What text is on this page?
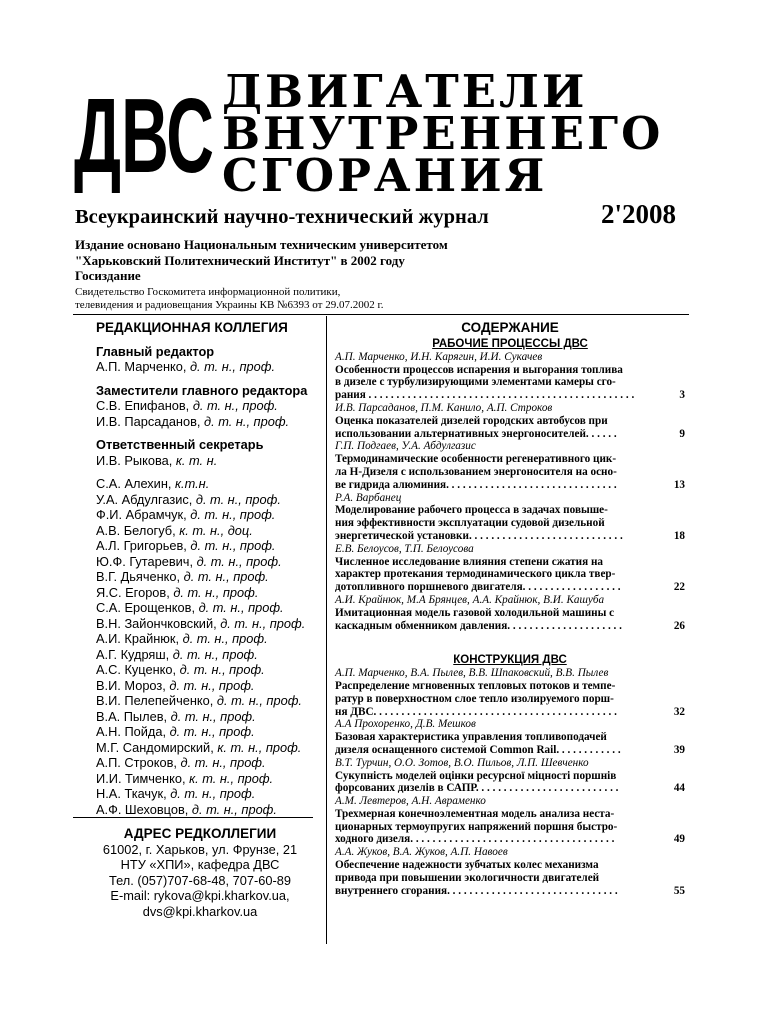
ДВС ДВИГАТЕЛИ
ВНУТРЕННЕГО
СГОРАНИЯ
Всеукраинский научно-технический журнал	2'2008
Издание основано Национальным техническим университетом
"Харьковский Политехнический Институт" в 2002 году
Госиздание
Свидетельство Госкомитета информационной политики,
телевидения и радиовещания Украины КВ №6393 от 29.07.2002 г.
РЕДАКЦИОННАЯ КОЛЛЕГИЯ
Главный редактор
А.П. Марченко, д. т. н., проф.
Заместители главного редактора
С.В. Епифанов, д. т. н., проф.
И.В. Парсаданов, д. т. н., проф.
Ответственный секретарь
И.В. Рыкова, к. т. н.
С.А. Алехин, к.т.н.
У.А. Абдулгазис, д. т. н., проф.
Ф.И. Абрамчук, д. т. н., проф.
А.В. Белогуб, к. т. н., доц.
А.Л. Григорьев, д. т. н., проф.
Ю.Ф. Гутаревич, д. т. н., проф.
В.Г. Дьяченко, д. т. н., проф.
Я.С. Егоров, д. т. н., проф.
С.А. Ерощенков, д. т. н., проф.
В.Н. Зайончковский, д. т. н., проф.
А.И. Крайнюк, д. т. н., проф.
А.Г. Кудряш, д. т. н., проф.
А.С. Куценко, д. т. н., проф.
В.И. Мороз, д. т. н., проф.
В.И. Пелепейченко, д. т. н., проф.
В.А. Пылев, д. т. н., проф.
А.Н. Пойда, д. т. н., проф.
М.Г. Сандомирский, к. т. н., проф.
А.П. Строков, д. т. н., проф.
И.И. Тимченко, к. т. н., проф.
Н.А. Ткачук, д. т. н., проф.
А.Ф. Шеховцов, д. т. н., проф.
АДРЕС РЕДКОЛЛЕГИИ
61002, г. Харьков, ул. Фрунзе, 21
НТУ «ХПИ», кафедра ДВС
Тел. (057)707-68-48, 707-60-89
E-mail: rykova@kpi.kharkov.ua,
dvs@kpi.kharkov.ua
СОДЕРЖАНИЕ
РАБОЧИЕ ПРОЦЕССЫ ДВС
А.П. Марченко, И.Н. Карягин, И.И. Сукачев
Особенности процессов испарения и выгорания топлива
в дизеле с турбулизирующими элементами камеры сго-
3
рания . . . . . . . . . . . . . . . . . . . . . . . . . . . . . . . . . . . . . . . . . . . . . . . .
И.В. Парсаданов, П.М. Канило, А.П. Строков
Оценка показателей дизелей городских автобусов при
9
использовании альтернативных энергоносителей. . . . . .
Г.П. Подгаев, У.А. Абдулгазис
Термодинамические особенности регенеративного цик-
ла Н-Дизеля с использованием энергоносителя на осно-
13
ве гидрида алюминия. . . . . . . . . . . . . . . . . . . . . . . . . . . . . . .
Р.А. Варбанец
Моделирование рабочего процесса в задачах повыше-
ния эффективности эксплуатации судовой дизельной
18
энергетической установки. . . . . . . . . . . . . . . . . . . . . . . . . . . .
Е.В. Белоусов, Т.П. Белоусова
Численное исследование влияния степени сжатия на
характер протекания термодинамического цикла твер-
22
дотопливного поршневого двигателя. . . . . . . . . . . . . . . . . .
А.И. Крайнюк, М.А Брянцев, А.А. Крайнюк, В.И. Кашуба
Имитационная модель газовой холодильной машины с
26
каскадным обменником давления. . . . . . . . . . . . . . . . . . . . .
КОНСТРУКЦИЯ ДВС
А.П. Марченко, В.А. Пылев, В.В. Шпаковский, В.В. Пылев
Распределение мгновенных тепловых потоков и темпе-
ратур в поверхностном слое тепло изолируемого порш-
32
ня ДВС. . . . . . . . . . . . . . . . . . . . . . . . . . . . . . . . . . . . . . . . . . . .
А.А Прохоренко, Д.В. Мешков
Базовая характеристика управления топливоподачей
39
дизеля оснащенного системой Common Rail. . . . . . . . . . . .
В.Т. Турчин, О.О. Зотов, В.О. Пильов, Л.П. Шевченко
Сукупність моделей оцінки ресурсної міцності поршнів
44
форсованих дизелів в САПР. . . . . . . . . . . . . . . . . . . . . . . . . .
А.М. Левтеров, А.Н. Авраменко
Трехмерная конечноэлементная модель анализа неста-
ционарных термоупругих напряжений поршня быстро-
49
ходного дизеля. . . . . . . . . . . . . . . . . . . . . . . . . . . . . . . . . . . . .
А.А. Жуков, В.А. Жуков, А.П. Навоев
Обеспечение надежности зубчатых колес механизма
привода при повышении экологичности двигателей
55
внутреннего сгорания. . . . . . . . . . . . . . . . . . . . . . . . . . . . . . .
